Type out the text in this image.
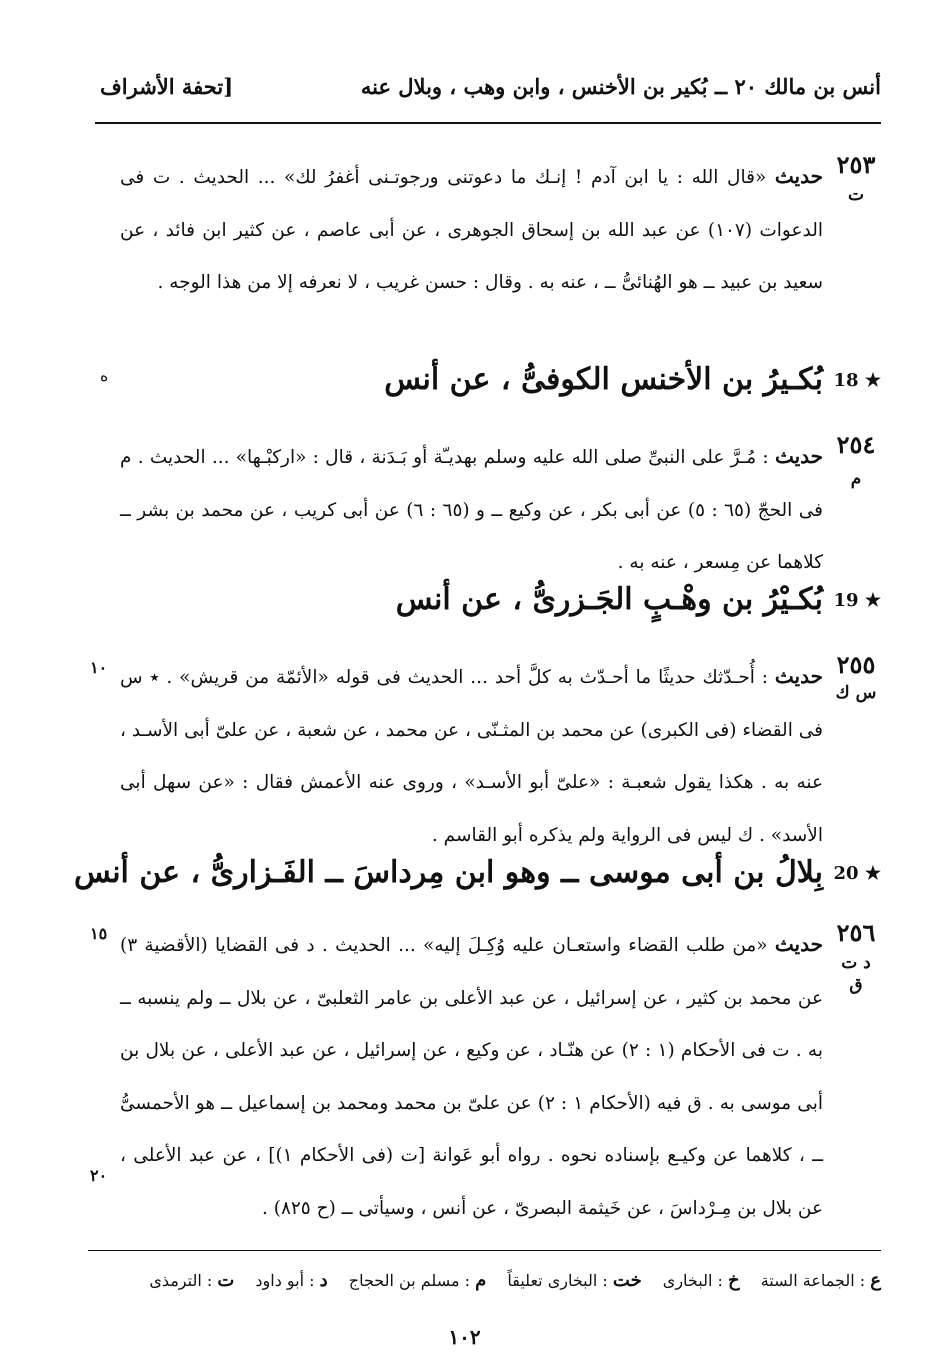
أنس بن مالك ٢٠ ــ بُكير بن الأخنس ، وابن وهب ، وبلال عنه
[تحفة الأشراف
٢٥٣
ت
حديث «قال الله : يا ابن آدم ! إنـك ما دعوتنى ورجوتـنى أغفرُ لك» ... الحديث . ت فى الدعوات (١٠٧) عن عبد الله بن إسحاق الجوهرى ، عن أبى عاصم ، عن كثير ابن فائد ، عن سعيد بن عبيد ــ هو الهُنائىُّ ــ ، عنه به . وقال : حسن غريب ، لا نعرفه إلا من هذا الوجه .
18 ★
بُكـيرُ بن الأخنس الكوفىُّ ، عن أنس
ه
٢٥٤
م
حديث : مُـرَّ على النبىِّ صلى الله عليه وسلم بهديـّة أو بَـدَنة ، قال : «اركبْـها» ... الحديث . م فى الحجّ (٦٥ : ٥) عن أبى بكر ، عن وكيع ــ و (٦٥ : ٦) عن أبى كريب ، عن محمد بن بشر ــ كلاهما عن مِسعر ، عنه به .
19 ★
بُكـيْرُ بن وهْـبٍ الجَـزرىُّ ، عن أنس
٢٥٥
س ك
١٠	حديث : أُحـدّثك حديثًا ما أحـدّث به كلَّ أحد ... الحديث فى قوله «الأئمّة من قريش» . ٭ س فى القضاء (فى الكبرى) عن محمد بن المثـنّى ، عن محمد ، عن شعبة ، عن علىّ أبى الأسـد ، عنه به . هكذا يقول شعبـة : «علىّ أبو الأسـد» ، وروى عنه الأعمش فقال : «عن سهل أبى الأسد» . ك ليس فى الرواية ولم يذكره أبو القاسم .
20 ★
بِلالُ بن أبى موسى ــ وهو ابن مِرداسَ ــ الفَـزارىُّ ، عن أنس
٢٥٦
د ت ق
١٥
٢٠
حديث «من طلب القضاء واستعـان عليه وُكِـلَ إليه» ... الحديث . د فى القضايا (الأقضية ٣) عن محمد بن كثير ، عن إسرائيل ، عن عبد الأعلى بن عامر الثعلبىّ ، عن بلال ــ ولم ينسبه ــ به . ت فى الأحكام (١ : ٢) عن هنّـاد ، عن وكيع ، عن إسرائيل ، عن عبد الأعلى ، عن بلال بن أبى موسى به . ق فيه (الأحكام ١ : ٢) عن علىّ بن محمد ومحمد بن إسماعيل ــ هو الأحمسىُّ ــ ، كلاهما عن وكيـع بإسناده نحوه . رواه أبو عَوانة [ت (فى الأحكام ١)] ، عن عبد الأعلى ، عن بلال بن مِـرْداسَ ، عن خَيثمة البصرىّ ، عن أنس ، وسيأتى ــ (ح ٨٢٥) .
ع : الجماعة الستة خ : البخارى خت : البخارى تعليقاً م : مسلم بن الحجاج د : أبو داود ت : الترمذى
١٠٢
